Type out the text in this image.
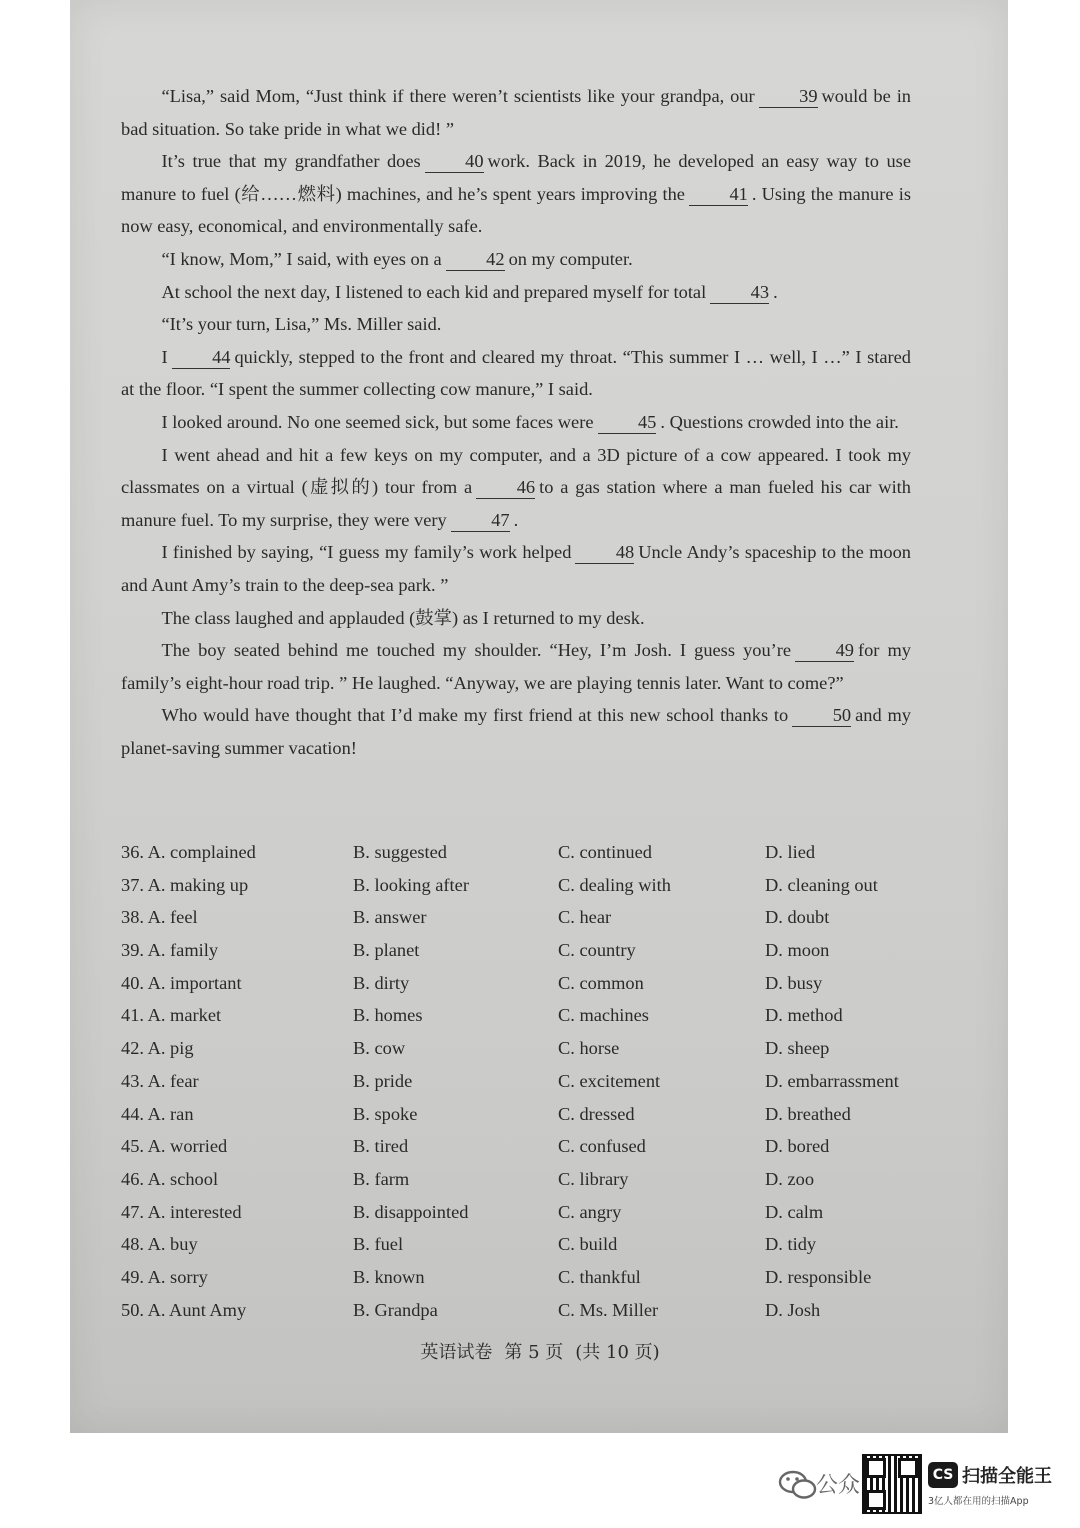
“Lisa,” said Mom, “Just think if there weren’t scientists like your grandpa, our 39 would be in bad situation. So take pride in what we did! ”

It’s true that my grandfather does 40 work. Back in 2019, he developed an easy way to use manure to fuel (给……燃料) machines, and he’s spent years improving the 41 . Using the manure is now easy, economical, and environmentally safe.

“I know, Mom,” I said, with eyes on a 42 on my computer.

At school the next day, I listened to each kid and prepared myself for total 43 .

“It’s your turn, Lisa,” Ms. Miller said.

I 44 quickly, stepped to the front and cleared my throat. “This summer I … well, I …” I stared at the floor. “I spent the summer collecting cow manure,” I said.

I looked around. No one seemed sick, but some faces were 45 . Questions crowded into the air.

I went ahead and hit a few keys on my computer, and a 3D picture of a cow appeared. I took my classmates on a virtual (虚拟的) tour from a 46 to a gas station where a man fueled his car with manure fuel. To my surprise, they were very 47 .

I finished by saying, “I guess my family’s work helped 48 Uncle Andy’s spaceship to the moon and Aunt Amy’s train to the deep-sea park. ”

The class laughed and applauded (鼓掌) as I returned to my desk.

The boy seated behind me touched my shoulder. “Hey, I’m Josh. I guess you’re 49 for my family’s eight-hour road trip. ” He laughed. “Anyway, we are playing tennis later. Want to come?”

Who would have thought that I’d make my first friend at this new school thanks to 50 and my planet-saving summer vacation!

36. A. complained	B. suggested	C. continued	D. lied
37. A. making up	B. looking after	C. dealing with	D. cleaning out
38. A. feel	B. answer	C. hear	D. doubt
39. A. family	B. planet	C. country	D. moon
40. A. important	B. dirty	C. common	D. busy
41. A. market	B. homes	C. machines	D. method
42. A. pig	B. cow	C. horse	D. sheep
43. A. fear	B. pride	C. excitement	D. embarrassment
44. A. ran	B. spoke	C. dressed	D. breathed
45. A. worried	B. tired	C. confused	D. bored
46. A. school	B. farm	C. library	D. zoo
47. A. interested	B. disappointed	C. angry	D. calm
48. A. buy	B. fuel	C. build	D. tidy
49. A. sorry	B. known	C. thankful	D. responsible
50. A. Aunt Amy	B. Grandpa	C. Ms. Miller	D. Josh
英语试卷 第 5 页 (共 10 页)
公众	CS 扫描全能王
3亿人都在用的扫描App
